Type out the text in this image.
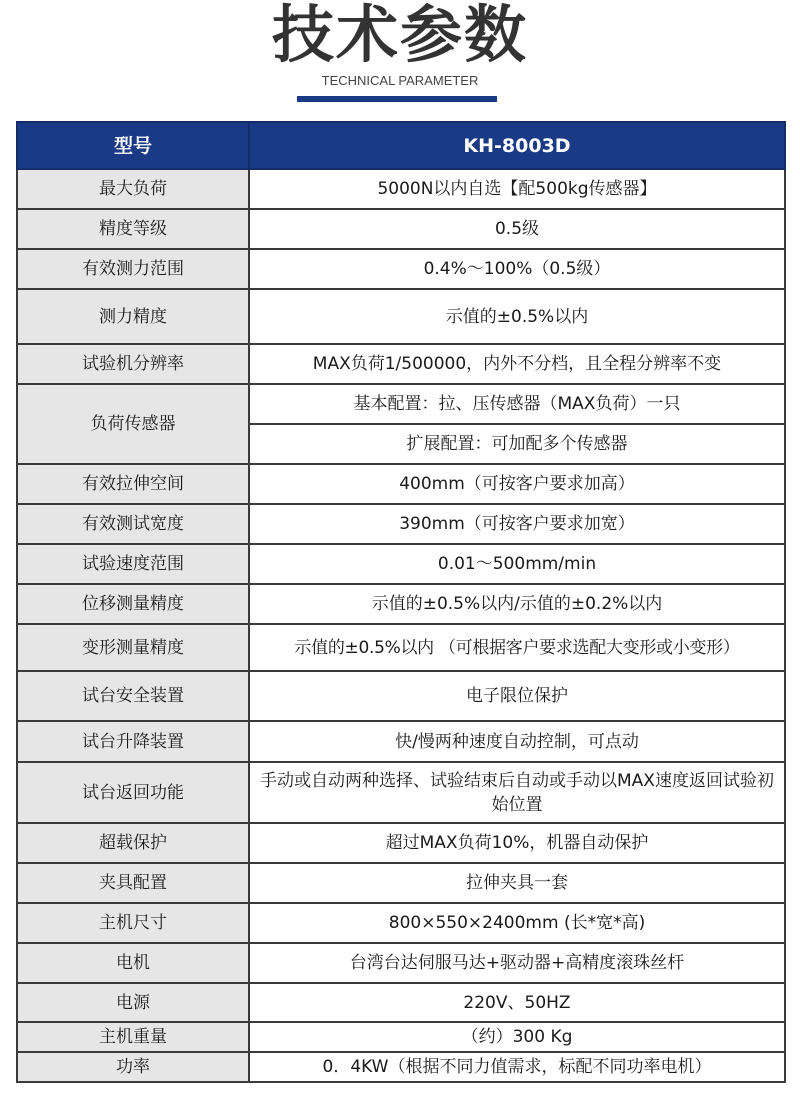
技术参数
TECHNICAL PARAMETER
型号	KH-8003D
最大负荷	5000N以内自选【配500kg传感器】
精度等级	0.5级
有效测力范围	0.4%～100%（0.5级）
测力精度	示值的±0.5%以内
试验机分辨率	MAX负荷1/500000，内外不分档，且全程分辨率不变
负荷传感器	基本配置：拉、压传感器（MAX负荷）一只
	扩展配置：可加配多个传感器
有效拉伸空间	400mm（可按客户要求加高）
有效测试宽度	390mm（可按客户要求加宽）
试验速度范围	0.01～500mm/min
位移测量精度	示值的±0.5%以内/示值的±0.2%以内
变形测量精度	示值的±0.5%以内 （可根据客户要求选配大变形或小变形）
试台安全装置	电子限位保护
试台升降装置	快/慢两种速度自动控制，可点动
试台返回功能	手动或自动两种选择、试验结束后自动或手动以MAX速度返回试验初始位置
超载保护	超过MAX负荷10%，机器自动保护
夹具配置	拉伸夹具一套
主机尺寸	800×550×2400mm (长*宽*高)
电机	台湾台达伺服马达+驱动器+高精度滚珠丝杆
电源	220V、50HZ
主机重量	（约）300 Kg
功率	0．4KW（根据不同力值需求，标配不同功率电机）
